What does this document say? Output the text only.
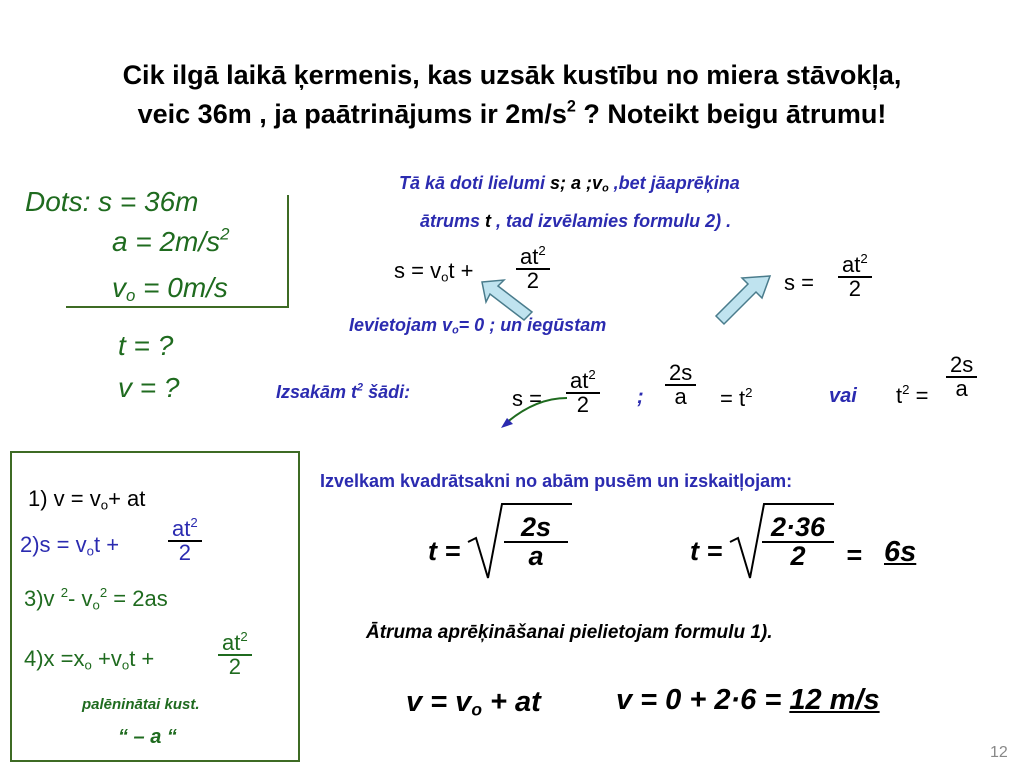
Cik ilgā laikā ķermenis, kas uzsāk kustību no miera stāvokļa,
veic 36m , ja paātrinājums ir $2m/s^2$ ? Noteikt beigu ātrumu!
Dots: s = 36m
$a = 2m/s^2$
$v_o = 0m/s$
t = ?
v = ?
Tā kā doti lielumi s; a $;v_o$ ,bet jāaprēķina
ātrums t , tad izvēlamies formulu 2) .
$s = v_ot + \frac{at^2}{2}$	$s = \frac{at^2}{2}$
Ievietojam $v_o= 0$ ; un iegūstam
Izsakām $t^2$ šādi:	$s = \frac{at^2}{2}$ ; $\frac{2s}{a} = t^2$	vai $t^2 = \frac{2s}{a}$
1) $v = v_o+$ at
$2)s = v_ot + \frac{at^2}{2}$
3)v $^2$- $v_o^2 = 2as$
$4)x =x_o +v_ot$ +	$\frac{at^2}{2}$
palēninātai kust.
“ – a “
Izvelkam kvadrātsakni no abām pusēm un izskaitļojam:
$t = \frac{2s}{a}$	$t = \frac{2\cdot 36}{2} = 6s$
Ātruma aprēķināšanai pielietojam formulu 1).
$v = v_o$ + at	v = 0 + 2·6 = 12 m/s
12
